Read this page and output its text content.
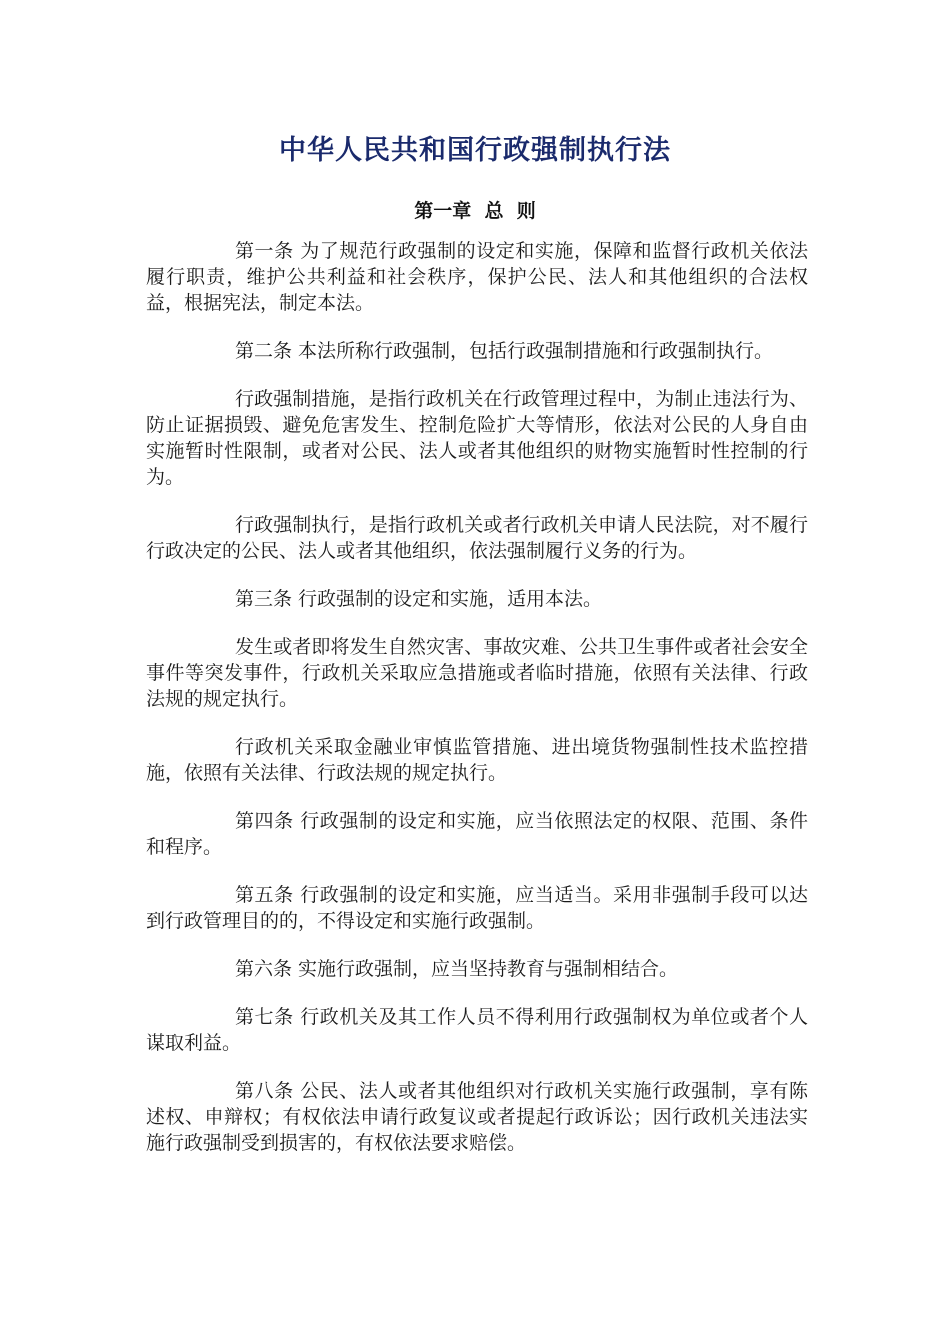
中华人民共和国行政强制执行法
第一章  总  则

第一条 为了规范行政强制的设定和实施，保障和监督行政机关依法履行职责，维护公共利益和社会秩序，保护公民、法人和其他组织的合法权益，根据宪法，制定本法。

第二条 本法所称行政强制，包括行政强制措施和行政强制执行。

行政强制措施，是指行政机关在行政管理过程中，为制止违法行为、防止证据损毁、避免危害发生、控制危险扩大等情形，依法对公民的人身自由实施暂时性限制，或者对公民、法人或者其他组织的财物实施暂时性控制的行为。

行政强制执行，是指行政机关或者行政机关申请人民法院，对不履行行政决定的公民、法人或者其他组织，依法强制履行义务的行为。

第三条 行政强制的设定和实施，适用本法。

发生或者即将发生自然灾害、事故灾难、公共卫生事件或者社会安全事件等突发事件，行政机关采取应急措施或者临时措施，依照有关法律、行政法规的规定执行。

行政机关采取金融业审慎监管措施、进出境货物强制性技术监控措施，依照有关法律、行政法规的规定执行。

第四条 行政强制的设定和实施，应当依照法定的权限、范围、条件和程序。

第五条 行政强制的设定和实施，应当适当。采用非强制手段可以达到行政管理目的的，不得设定和实施行政强制。

第六条 实施行政强制，应当坚持教育与强制相结合。

第七条 行政机关及其工作人员不得利用行政强制权为单位或者个人谋取利益。

第八条 公民、法人或者其他组织对行政机关实施行政强制，享有陈述权、申辩权；有权依法申请行政复议或者提起行政诉讼；因行政机关违法实施行政强制受到损害的，有权依法要求赔偿。
